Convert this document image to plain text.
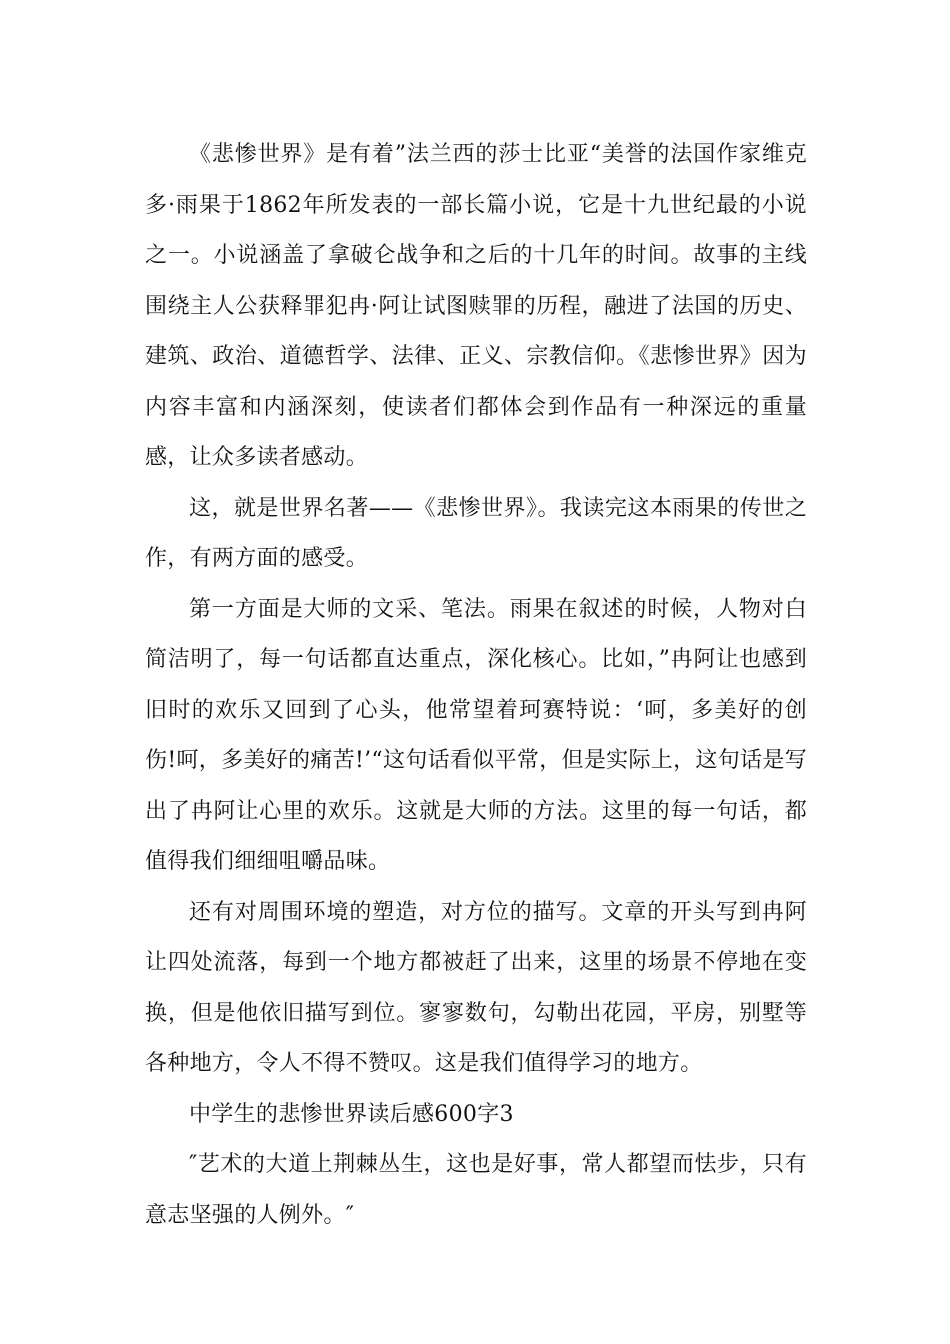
《悲惨世界》是有着”法兰西的莎士比亚“美誉的法国作家维克多·雨果于1862年所发表的一部长篇小说，它是十九世纪最的小说之一。小说涵盖了拿破仑战争和之后的十几年的时间。故事的主线围绕主人公获释罪犯冉·阿让试图赎罪的历程，融进了法国的历史、建筑、政治、道德哲学、法律、正义、宗教信仰。《悲惨世界》因为内容丰富和内涵深刻，使读者们都体会到作品有一种深远的重量感，让众多读者感动。

这，就是世界名著——《悲惨世界》。我读完这本雨果的传世之作，有两方面的感受。

第一方面是大师的文采、笔法。雨果在叙述的时候，人物对白简洁明了，每一句话都直达重点，深化核心。比如，”冉阿让也感到旧时的欢乐又回到了心头，他常望着珂赛特说：‘呵，多美好的创伤!呵，多美好的痛苦!’“这句话看似平常，但是实际上，这句话是写出了冉阿让心里的欢乐。这就是大师的方法。这里的每一句话，都值得我们细细咀嚼品味。

还有对周围环境的塑造，对方位的描写。文章的开头写到冉阿让四处流落，每到一个地方都被赶了出来，这里的场景不停地在变换，但是他依旧描写到位。寥寥数句，勾勒出花园，平房，别墅等各种地方，令人不得不赞叹。这是我们值得学习的地方。

中学生的悲惨世界读后感600字3

″艺术的大道上荆棘丛生，这也是好事，常人都望而怯步，只有意志坚强的人例外。″
